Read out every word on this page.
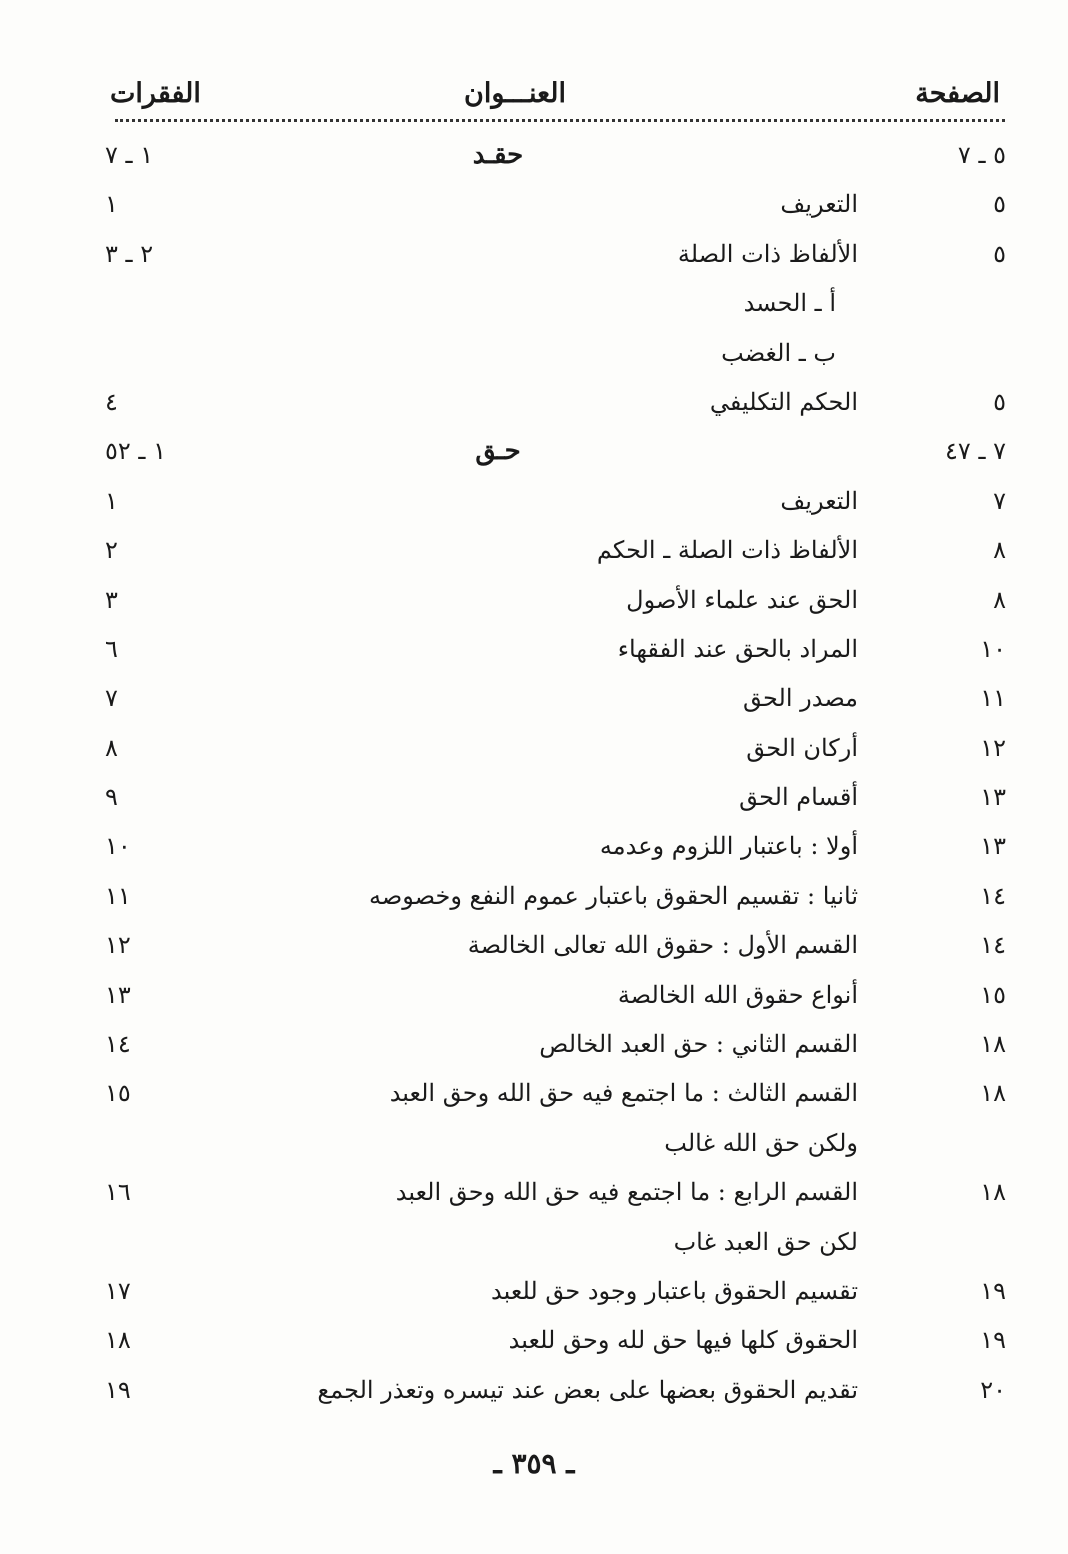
الصفحة
العنـــوان
الفقرات
٥ ـ ٧
حقـد
١ ـ ٧
٥
التعريف
١
٥
الألفاظ ذات الصلة
٢ ـ ٣
أ ـ الحسد
ب ـ الغضب
٥
الحكم التكليفي
٤
٧ ـ ٤٧
حـق
١ ـ ٥٢
٧
التعريف
١
٨
الألفاظ ذات الصلة ـ الحكم
٢
٨
الحق عند علماء الأصول
٣
١٠
المراد بالحق عند الفقهاء
٦
١١
مصدر الحق
٧
١٢
أركان الحق
٨
١٣
أقسام الحق
٩
١٣
أولا : باعتبار اللزوم وعدمه
١٠
١٤
ثانيا : تقسيم الحقوق باعتبار عموم النفع وخصوصه
١١
١٤
القسم الأول : حقوق الله تعالى الخالصة
١٢
١٥
أنواع حقوق الله الخالصة
١٣
١٨
القسم الثاني : حق العبد الخالص
١٤
١٨
القسم الثالث : ما اجتمع فيه حق الله وحق العبد
١٥
ولكن حق الله غالب
١٨
القسم الرابع : ما اجتمع فيه حق الله وحق العبد
١٦
لكن حق العبد غاب
١٩
تقسيم الحقوق باعتبار وجود حق للعبد
١٧
١٩
الحقوق كلها فيها حق لله وحق للعبد
١٨
٢٠
تقديم الحقوق بعضها على بعض عند تيسره وتعذر الجمع
١٩
ـ ٣٥٩ ـ
